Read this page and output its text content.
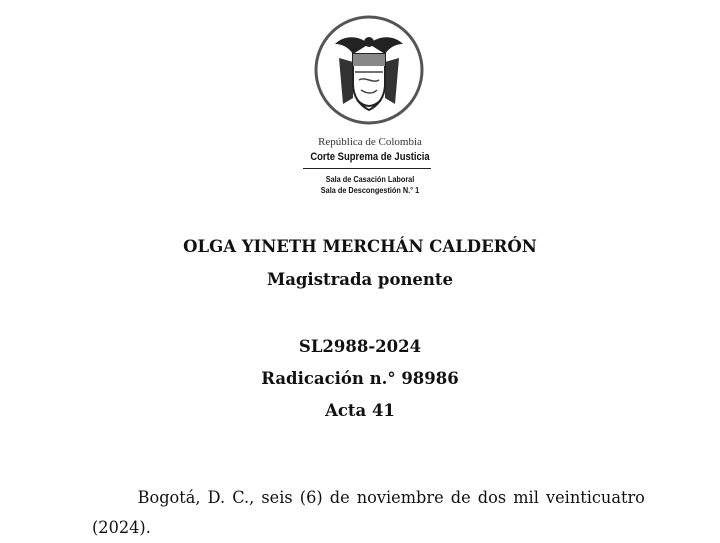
República de Colombia
Corte Suprema de Justicia
Sala de Casación Laboral
Sala de Descongestión N.° 1
OLGA YINETH MERCHÁN CALDERÓN
Magistrada ponente
SL2988-2024
Radicación n.° 98986
Acta 41

Bogotá, D. C., seis (6) de noviembre de dos mil veinticuatro (2024).
